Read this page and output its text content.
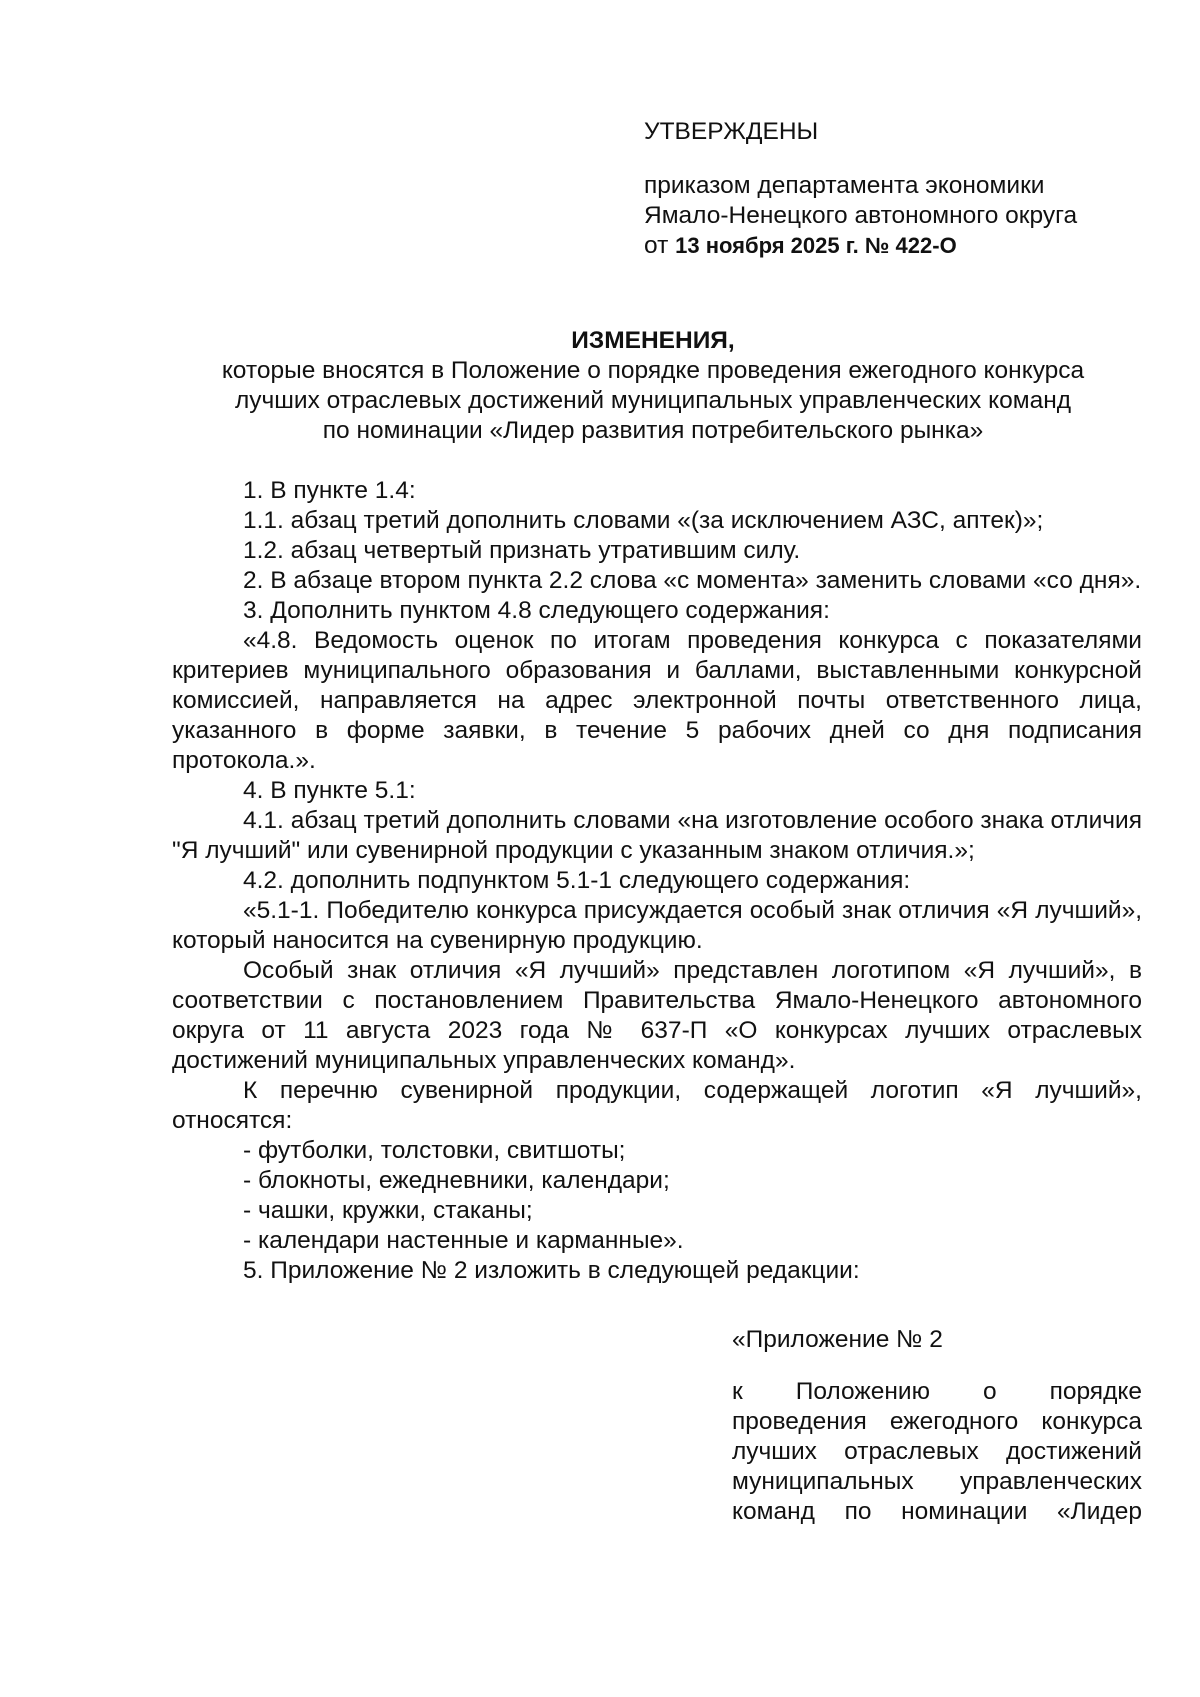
УТВЕРЖДЕНЫ
приказом департамента экономики
Ямало-Ненецкого автономного округа
от 13 ноября 2025 г. № 422-О
ИЗМЕНЕНИЯ,
которые вносятся в Положение о порядке проведения ежегодного конкурса
лучших отраслевых достижений муниципальных управленческих команд
по номинации «Лидер развития потребительского рынка»

1. В пункте 1.4:

1.1. абзац третий дополнить словами «(за исключением АЗС, аптек)»;

1.2. абзац четвертый признать утратившим силу.

2. В абзаце втором пункта 2.2 слова «с момента» заменить словами «со дня».

3. Дополнить пунктом 4.8 следующего содержания:

«4.8. Ведомость оценок по итогам проведения конкурса с показателями критериев муниципального образования и баллами, выставленными конкурсной комиссией, направляется на адрес электронной почты ответственного лица, указанного в форме заявки, в течение 5 рабочих дней со дня подписания протокола.».

4. В пункте 5.1:

4.1. абзац третий дополнить словами «на изготовление особого знака отличия "Я лучший" или сувенирной продукции с указанным знаком отличия.»;

4.2. дополнить подпунктом 5.1-1 следующего содержания:

«5.1-1. Победителю конкурса присуждается особый знак отличия «Я лучший», который наносится на сувенирную продукцию.

Особый знак отличия «Я лучший» представлен логотипом «Я лучший», в соответствии с постановлением Правительства Ямало-Ненецкого автономного округа от 11 августа 2023 года № 637-П «О конкурсах лучших отраслевых достижений муниципальных управленческих команд».

К перечню сувенирной продукции, содержащей логотип «Я лучший», относятся:

- футболки, толстовки, свитшоты;

- блокноты, ежедневники, календари;

- чашки, кружки, стаканы;

- календари настенные и карманные».

5. Приложение № 2 изложить в следующей редакции:

«Приложение № 2
к Положению о порядке проведения ежегодного конкурса лучших отраслевых достижений муниципальных управленческих команд по номинации «Лидер
